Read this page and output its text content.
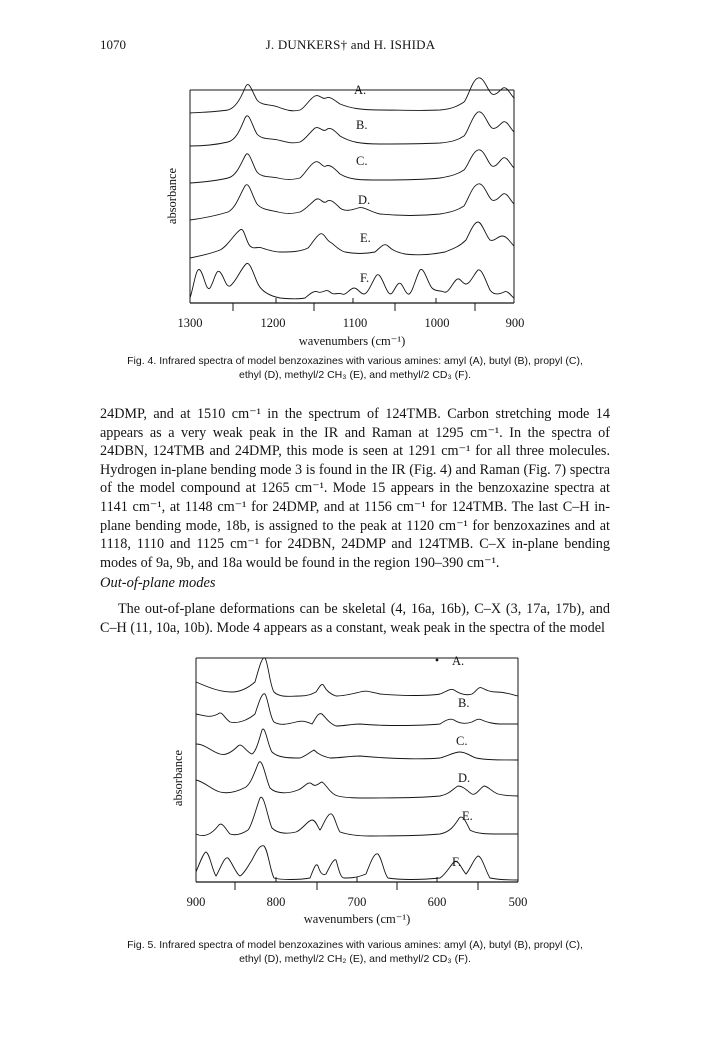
1070	J. DUNKERS† and H. ISHIDA
1300	1200	1100	1000	900
wavenumbers (cm⁻¹)
absorbance
A.
B.
C.
D.
E.
F.
Fig. 4. Infrared spectra of model benzoxazines with various amines: amyl (A), butyl (B), propyl (C), ethyl (D), methyl/2 CH₃ (E), and methyl/2 CD₃ (F).

24DMP, and at 1510 cm⁻¹ in the spectrum of 124TMB. Carbon stretching mode 14 appears as a very weak peak in the IR and Raman at 1295 cm⁻¹. In the spectra of 24DBN, 124TMB and 24DMP, this mode is seen at 1291 cm⁻¹ for all three molecules. Hydrogen in-plane bending mode 3 is found in the IR (Fig. 4) and Raman (Fig. 7) spectra of the model compound at 1265 cm⁻¹. Mode 15 appears in the benzoxazine spectra at 1141 cm⁻¹, at 1148 cm⁻¹ for 24DMP, and at 1156 cm⁻¹ for 124TMB. The last C–H in-plane bending mode, 18b, is assigned to the peak at 1120 cm⁻¹ for benzoxazines and at 1118, 1110 and 1125 cm⁻¹ for 24DBN, 24DMP and 124TMB. C–X in-plane bending modes of 9a, 9b, and 18a would be found in the region 190–390 cm⁻¹.

Out-of-plane modes

The out-of-plane deformations can be skeletal (4, 16a, 16b), C–X (3, 17a, 17b), and C–H (11, 10a, 10b). Mode 4 appears as a constant, weak peak in the spectra of the model

900	800	700	600	500
wavenumbers (cm⁻¹)
absorbance
A.
B.
C.
D.
E.
F.
Fig. 5. Infrared spectra of model benzoxazines with various amines: amyl (A), butyl (B), propyl (C), ethyl (D), methyl/2 CH₂ (E), and methyl/2 CD₃ (F).
